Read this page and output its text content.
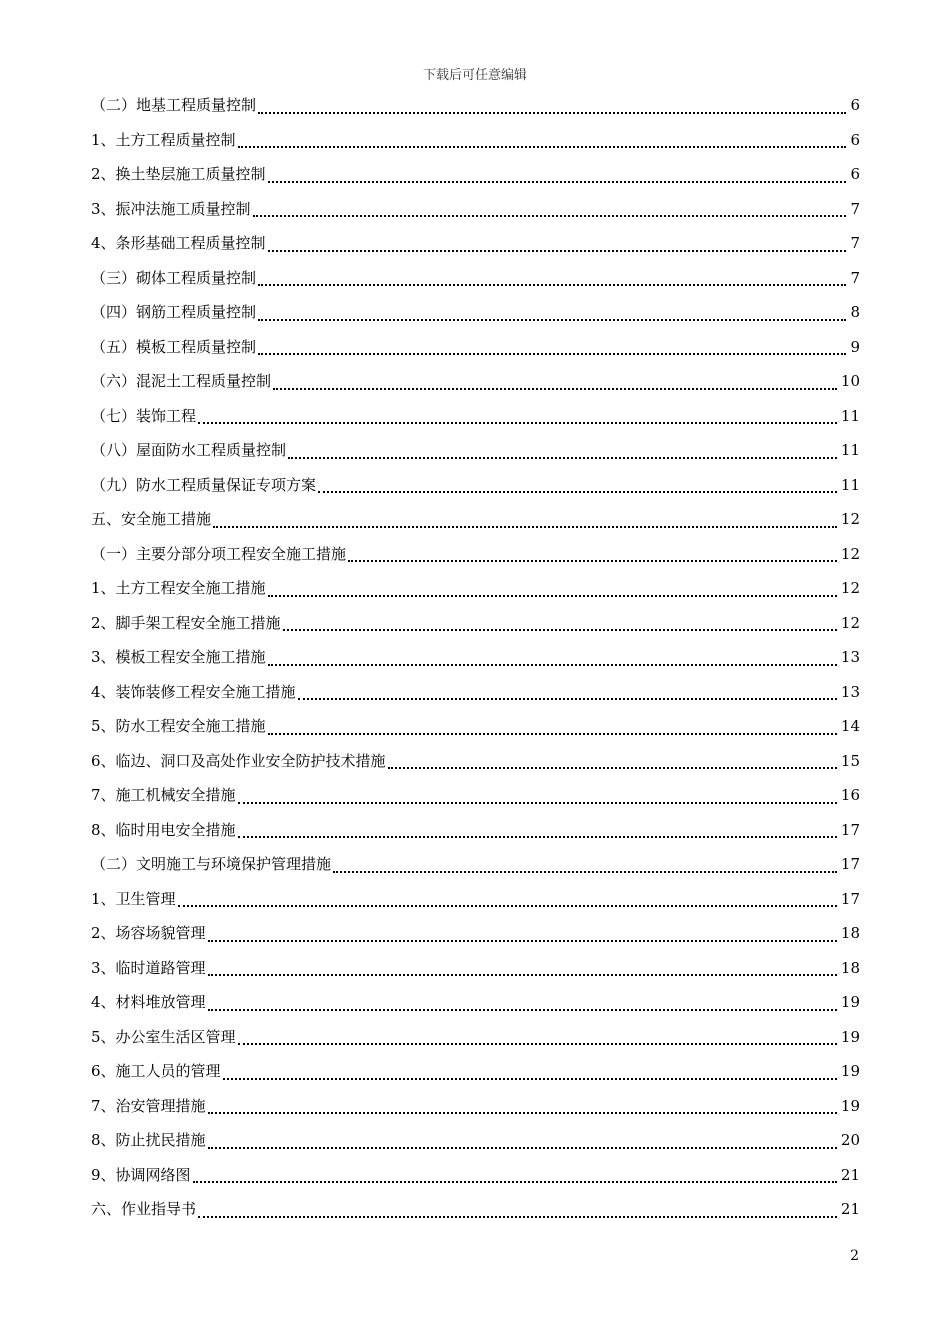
下载后可任意编辑
（二）地基工程质量控制	6
1、土方工程质量控制	6
2、换土垫层施工质量控制	6
3、振冲法施工质量控制	7
4、条形基础工程质量控制	7
（三）砌体工程质量控制	7
（四）钢筋工程质量控制	8
（五）模板工程质量控制	9
（六）混泥土工程质量控制	10
（七）装饰工程	11
（八）屋面防水工程质量控制	11
（九）防水工程质量保证专项方案	11
五、安全施工措施	12
（一）主要分部分项工程安全施工措施	12
1、土方工程安全施工措施	12
2、脚手架工程安全施工措施	12
3、模板工程安全施工措施	13
4、装饰装修工程安全施工措施	13
5、防水工程安全施工措施	14
6、临边、洞口及高处作业安全防护技术措施	15
7、施工机械安全措施	16
8、临时用电安全措施	17
（二）文明施工与环境保护管理措施	17
1、卫生管理	17
2、场容场貌管理	18
3、临时道路管理	18
4、材料堆放管理	19
5、办公室生活区管理	19
6、施工人员的管理	19
7、治安管理措施	19
8、防止扰民措施	20
9、协调网络图	21
六、作业指导书	21
2
